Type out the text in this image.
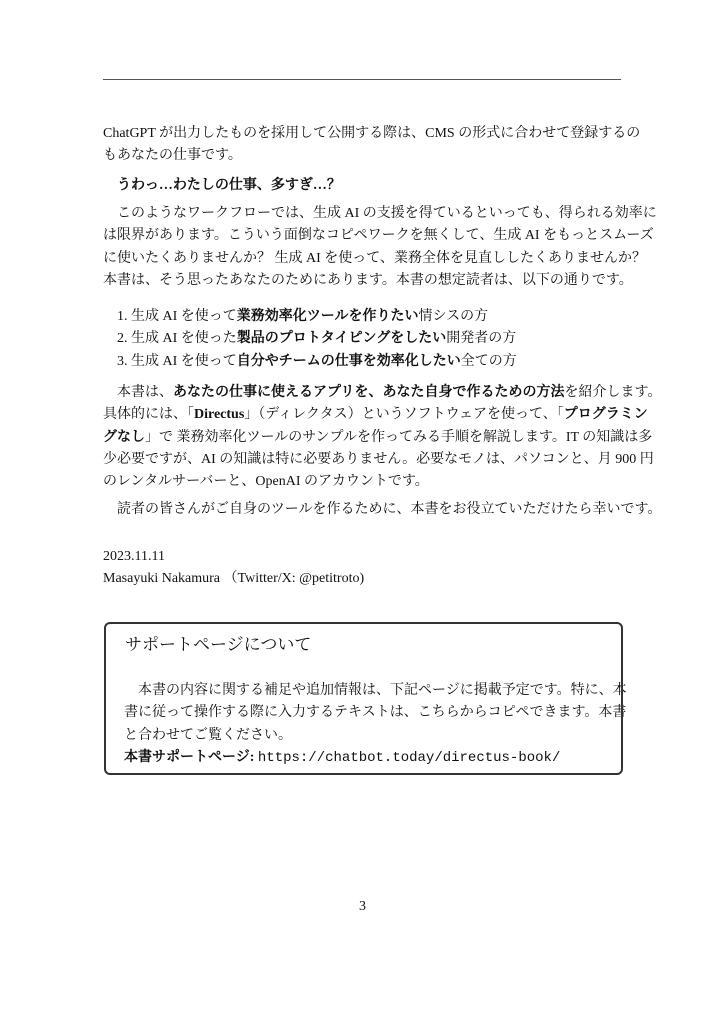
ChatGPT が出力したものを採用して公開する際は、CMS の形式に合わせて登録するの
もあなたの仕事です。
　うわっ…わたしの仕事、多すぎ…？
　このようなワークフローでは、生成 AI の支援を得ているといっても、得られる効率に
は限界があります。こういう面倒なコピペワークを無くして、生成 AI をもっとスムーズ
に使いたくありませんか？ 生成 AI を使って、業務全体を見直ししたくありませんか？
本書は、そう思ったあなたのためにあります。本書の想定読者は、以下の通りです。
　1. 生成 AI を使って業務効率化ツールを作りたい情シスの方
　2. 生成 AI を使った製品のプロトタイピングをしたい開発者の方
　3. 生成 AI を使って自分やチームの仕事を効率化したい全ての方
　本書は、あなたの仕事に使えるアプリを、あなた自身で作るための方法を紹介します。
具体的には、「Directus」（ディレクタス）というソフトウェアを使って、「プログラミン
グなし」で 業務効率化ツールのサンプルを作ってみる手順を解説します。IT の知識は多
少必要ですが、AI の知識は特に必要ありません。必要なモノは、パソコンと、月 900 円
のレンタルサーバーと、OpenAI のアカウントです。
　読者の皆さんがご自身のツールを作るために、本書をお役立ていただけたら幸いです。
2023.11.11
Masayuki Nakamura （Twitter/X: @petitroto)
　本書の内容に関する補足や追加情報は、下記ページに掲載予定です。特に、本
書に従って操作する際に入力するテキストは、こちらからコピペできます。本書
と合わせてご覧ください。
本書サポートページ: https://chatbot.today/directus-book/
サポートページについて
3
